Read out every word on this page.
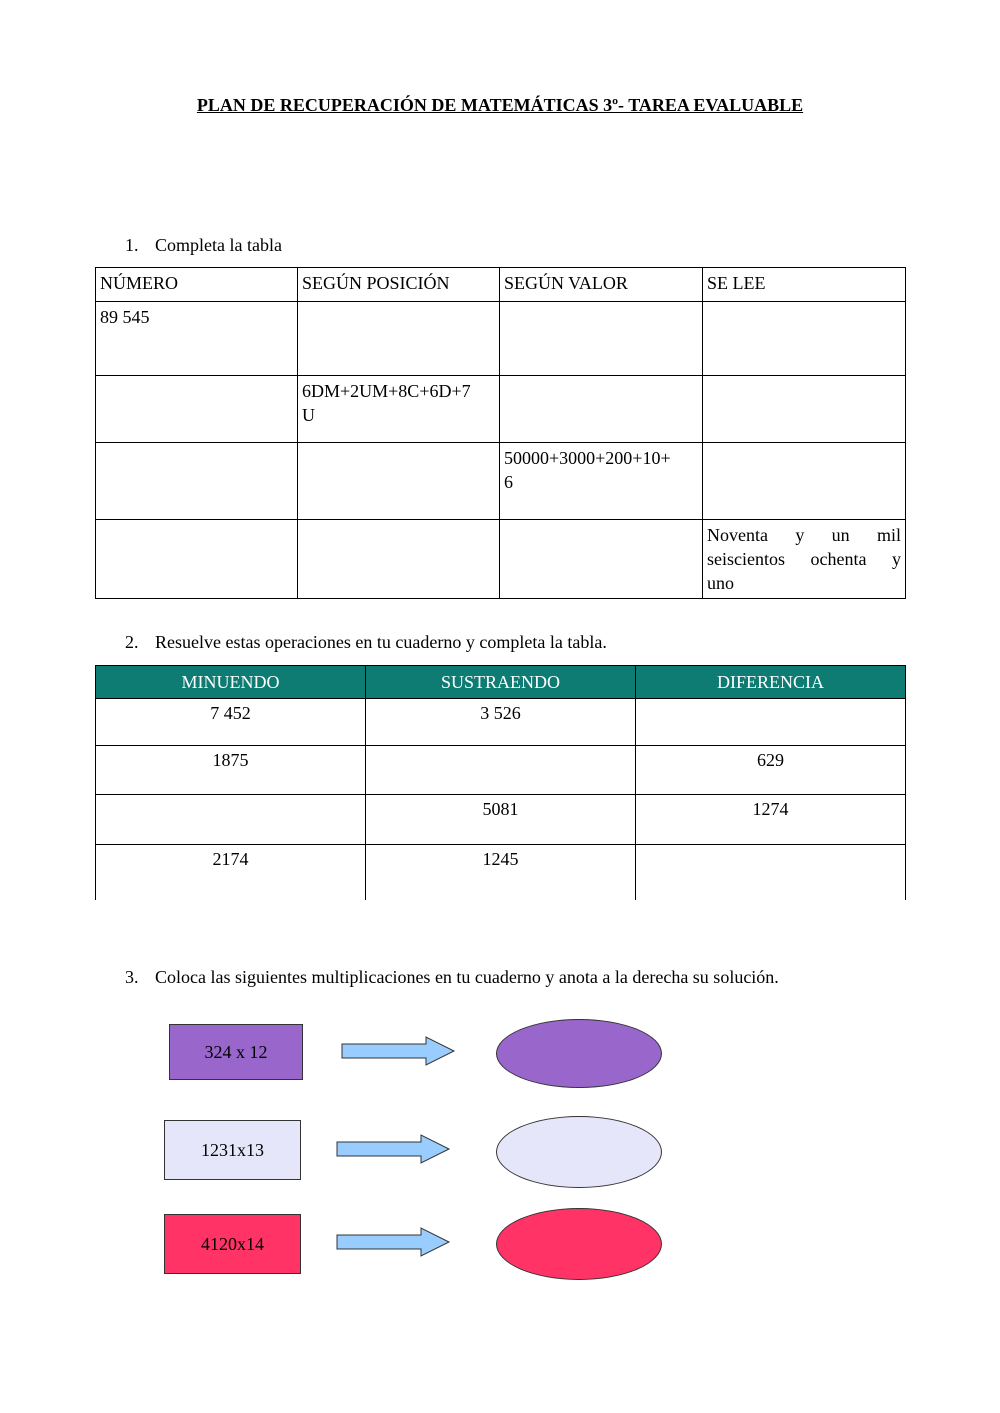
PLAN DE RECUPERACIÓN DE MATEMÁTICAS 3º- TAREA EVALUABLE
1. Completa la tabla
NÚMERO	SEGÚN POSICIÓN	SEGÚN VALOR	SE LEE
89 545			

	6DM+2UM+8C+6D+7
U		

		50000+3000+200+10+
6	

			Noventa y un mil
seiscientos ochenta y
uno
2. Resuelve estas operaciones en tu cuaderno y completa la tabla.
MINUENDO	SUSTRAENDO	DIFERENCIA
7 452	3 526	
1875		629
	5081	1274
2174	1245	
3. Coloca las siguientes multiplicaciones en tu cuaderno y anota a la derecha su solución.
324 x 12
1231x13
4120x14
